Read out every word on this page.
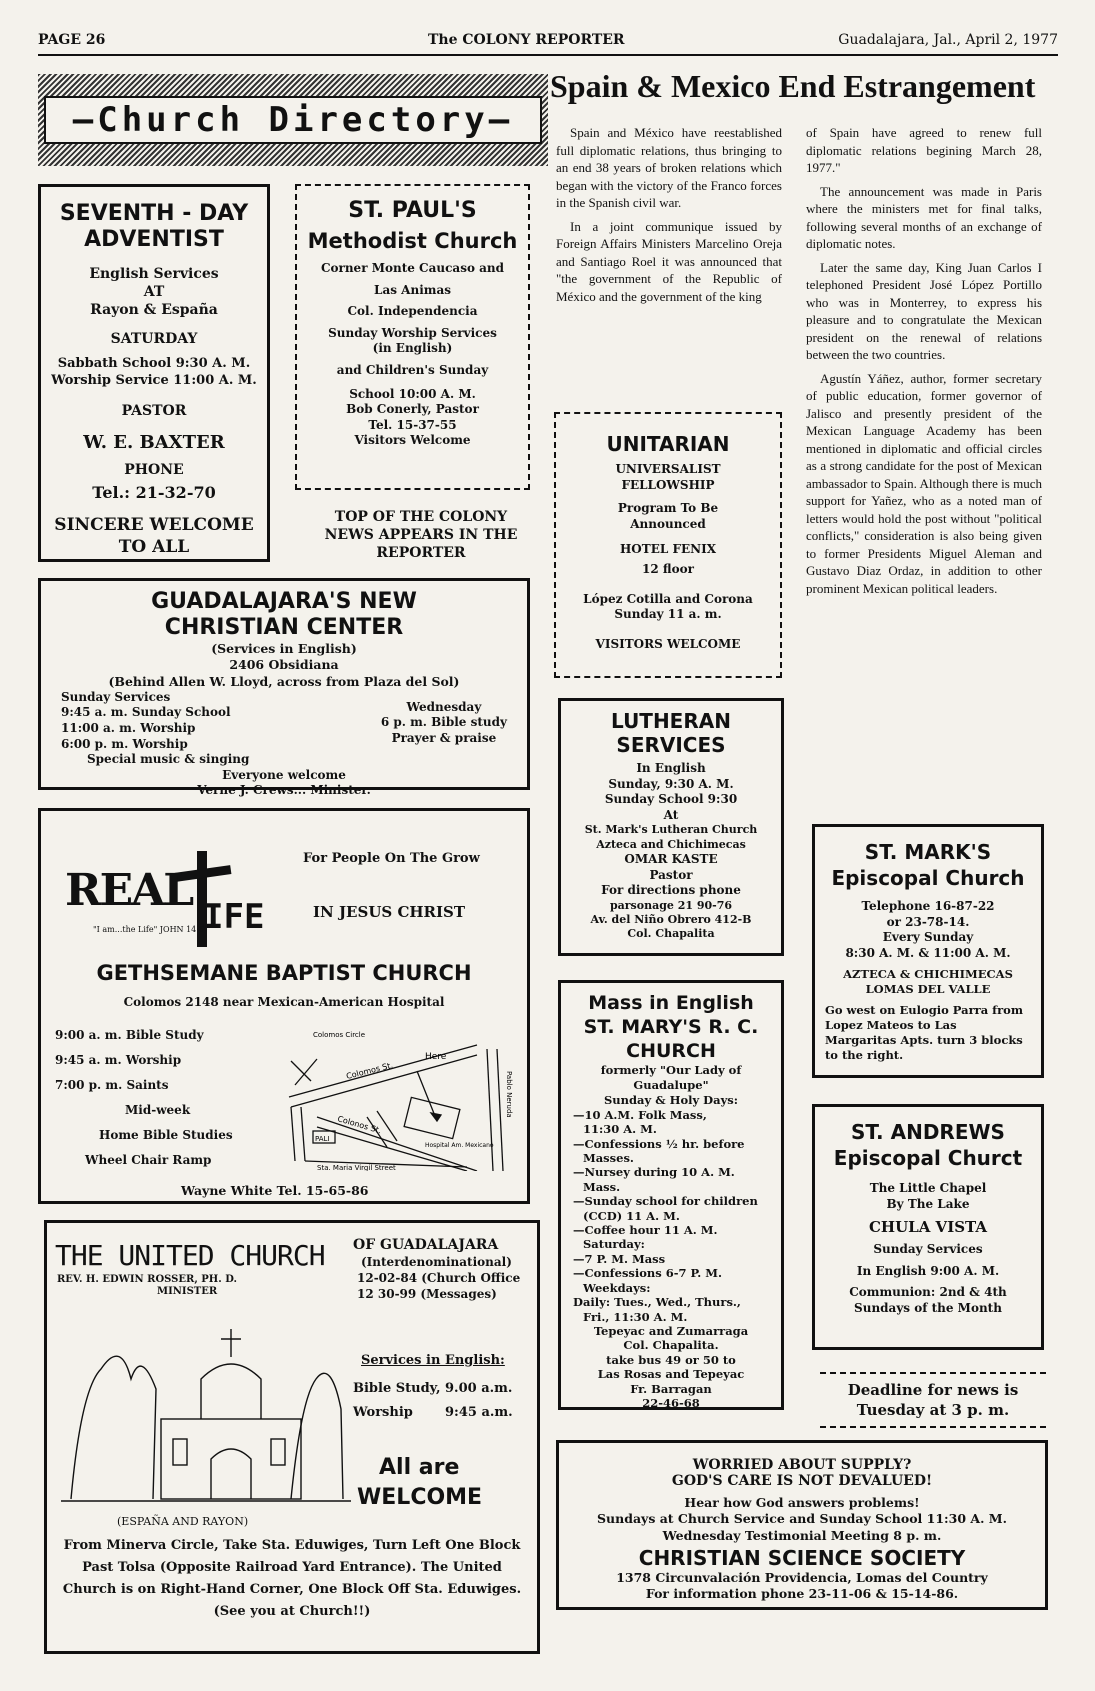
PAGE 26	The COLONY REPORTER	Guadalajara, Jal., April 2, 1977
—Church Directory—
SEVENTH - DAY ADVENTIST
English Services
AT
Rayon & España
SATURDAY
Sabbath School 9:30 A. M.
Worship Service 11:00 A. M.
PASTOR
W. E. BAXTER
PHONE
Tel.: 21-32-70
SINCERE WELCOME TO ALL
ST. PAUL'S
Methodist Church
Corner Monte Caucaso and
Las Animas
Col. Independencia
Sunday Worship Services
(in English)
and Children's Sunday
School 10:00 A. M.
Bob Conerly, Pastor
Tel. 15-37-55
Visitors Welcome
TOP OF THE COLONY NEWS APPEARS IN THE REPORTER
GUADALAJARA'S NEW
CHRISTIAN CENTER
(Services in English)
2406 Obsidiana
(Behind Allen W. Lloyd, across from Plaza del Sol)
Sunday Services
9:45 a. m. Sunday School
11:00 a. m. Worship
6:00 p. m. Worship
Wednesday
6 p. m. Bible study
Prayer & praise
Special music & singing
Everyone welcome
Verne J. Crews... Minister.
REAL
IFE
"I am...the Life" JOHN 14:6
For People On The Grow
IN JESUS CHRIST
GETHSEMANE BAPTIST CHURCH
Colomos 2148 near Mexican-American Hospital
9:00 a. m. Bible Study
9:45 a. m. Worship
7:00 p. m. Saints
Mid-week
Home Bible Studies
Wheel Chair Ramp
Colomos Circle
Colomos St.
Colonos St.
Here
Hospital Am. Mexicano
PALI
Sta. Maria Virgil Street
Pablo Neruda
Wayne White Tel. 15-65-86
THE UNITED CHURCH OF GUADALAJARA
(Interdenominational)
12-02-84 (Church Office
12 30-99 (Messages)
REV. H. EDWIN ROSSER, PH. D.
MINISTER
Services in English:
Bible Study, 9.00 a.m.
Worship 9:45 a.m.
All are
WELCOME
(ESPAÑA AND RAYON)
From Minerva Circle, Take Sta. Eduwiges, Turn Left One Block Past Tolsa (Opposite Railroad Yard Entrance). The United Church is on Right-Hand Corner, One Block Off Sta. Eduwiges. (See you at Church!!)
Spain & Mexico End Estrangement

Spain and México have reestablished full diplomatic relations, thus bringing to an end 38 years of broken relations which began with the victory of the Franco forces in the Spanish civil war.

In a joint communique issued by Foreign Affairs Ministers Marcelino Oreja and Santiago Roel it was announced that "the government of the Republic of México and the government of the king

of Spain have agreed to renew full diplomatic relations begining March 28, 1977."

The announcement was made in Paris where the ministers met for final talks, following several months of an exchange of diplomatic notes.

Later the same day, King Juan Carlos I telephoned President José López Portillo who was in Monterrey, to express his pleasure and to congratulate the Mexican president on the renewal of relations between the two countries.

Agustín Yáñez, author, former secretary of public education, former governor of Jalisco and presently president of the Mexican Language Academy has been mentioned in diplomatic and official circles as a strong candidate for the post of Mexican ambassador to Spain. Although there is much support for Yañez, who as a noted man of letters would hold the post without "political conflicts," consideration is also being given to former Presidents Miguel Aleman and Gustavo Diaz Ordaz, in addition to other prominent Mexican political leaders.

UNITARIAN
UNIVERSALIST
FELLOWSHIP
Program To Be
Announced
HOTEL FENIX
12 floor
López Cotilla and Corona
Sunday 11 a. m.
VISITORS WELCOME
LUTHERAN
SERVICES
In English
Sunday, 9:30 A. M.
Sunday School 9:30
At
St. Mark's Lutheran Church
Azteca and Chichimecas
OMAR KASTE
Pastor
For directions phone
parsonage 21 90-76
Av. del Niño Obrero 412-B
Col. Chapalita
Mass in English
ST. MARY'S R. C.
CHURCH
formerly "Our Lady of
Guadalupe"
Sunday & Holy Days:
—10 A.M. Folk Mass,
11:30 A. M.
—Confessions ½ hr. before
Masses.
—Nursey during 10 A. M.
Mass.
—Sunday school for children
(CCD) 11 A. M.
—Coffee hour 11 A. M.
Saturday:
—7 P. M. Mass
—Confessions 6-7 P. M.
Weekdays:
Daily: Tues., Wed., Thurs.,
Fri., 11:30 A. M.
Tepeyac and Zumarraga
Col. Chapalita.
take bus 49 or 50 to
Las Rosas and Tepeyac
Fr. Barragan
22-46-68
ST. MARK'S
Episcopal Church
Telephone 16-87-22
or 23-78-14.
Every Sunday
8:30 A. M. & 11:00 A. M.
AZTECA & CHICHIMECAS
LOMAS DEL VALLE
Go west on Eulogio Parra from Lopez Mateos to Las Margaritas Apts. turn 3 blocks to the right.
ST. ANDREWS
Episcopal Churct
The Little Chapel
By The Lake
CHULA VISTA
Sunday Services
In English 9:00 A. M.
Communion: 2nd & 4th
Sundays of the Month
Deadline for news is Tuesday at 3 p. m.
WORRIED ABOUT SUPPLY?
GOD'S CARE IS NOT DEVALUED!
Hear how God answers problems!
Sundays at Church Service and Sunday School 11:30 A. M.
Wednesday Testimonial Meeting 8 p. m.
CHRISTIAN SCIENCE SOCIETY
1378 Circunvalación Providencia, Lomas del Country
For information phone 23-11-06 & 15-14-86.
